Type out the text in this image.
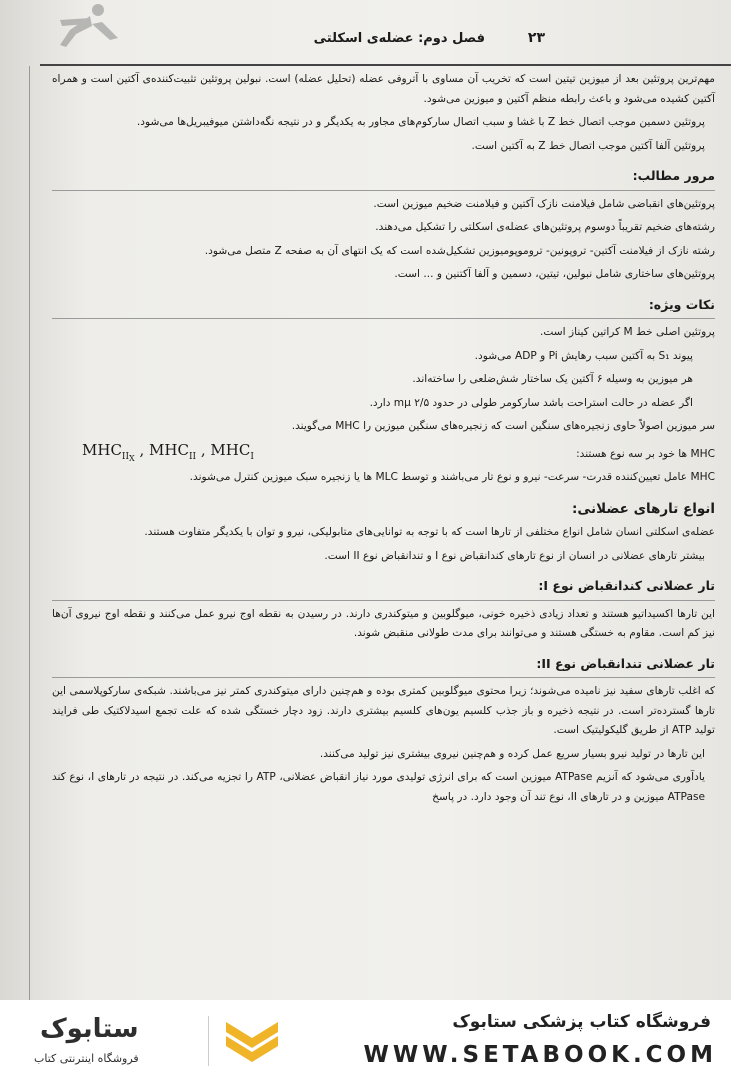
فصل دوم: عضله‌ی اسکلتی	۲۳

مهم‌ترین پروتئین بعد از میوزین تیتین است که تخریب آن مساوی با آتروفی عضله (تحلیل عضله) است. نبولین پروتئین تثبیت‌کننده‌ی آکتین است و همراه آکتین کشیده می‌شود و باعث رابطه منظم آکتین و میوزین می‌شود.

پروتئین دسمین موجب اتصال خط Z با غشا و سبب اتصال سارکوم‌های مجاور به یکدیگر و در نتیجه نگه‌داشتن میوفیبریل‌ها می‌شود.

پروتئین آلفا آکتین موجب اتصال خط Z به آکتین است.

مرور مطالب:

پروتئین‌های انقباضی شامل فیلامنت نازک آکتین و فیلامنت ضخیم میوزین است.

رشته‌های ضخیم تقریباً دوسوم پروتئین‌های عضله‌ی اسکلتی را تشکیل می‌دهند.

رشته نازک از فیلامنت آکتین- تروپونین- تروموپومیوزین تشکیل‌شده است که یک انتهای آن به صفحه Z متصل می‌شود.

پروتئین‌های ساختاری شامل نبولین، تیتین، دسمین و آلفا آکتنین و ... است.

نکات ویژه:

پروتئین اصلی خط M کراتین کیناز است.

پیوند S₁ به آکتین سبب رهایش Pi و ADP می‌شود.

هر میوزین به وسیله ۶ آکتین یک ساختار شش‌ضلعی را ساخته‌اند.

اگر عضله در حالت استراحت باشد سارکومر طولی در حدود ۲/۵ mμ دارد.

سر میوزین اصولاً حاوی زنجیره‌های سنگین است که زنجیره‌های سنگین میوزین را MHC می‌گویند.

MHC ها خود بر سه نوع هستند:
$MHC_{IIX}$ , $MHC_{II}$ , $MHC_I$

MHC عامل تعیین‌کننده قدرت- سرعت- نیرو و نوع تار می‌باشند و توسط MLC ها یا زنجیره سبک میوزین کنترل می‌شوند.

انواع تارهای عضلانی:

عضله‌ی اسکلتی انسان شامل انواع مختلفی از تارها است که با توجه به توانایی‌های متابولیکی، نیرو و توان با یکدیگر متفاوت هستند.

بیشتر تارهای عضلانی در انسان از نوع تارهای کندانقباض نوع I و تندانقباض نوع II است.

تار عضلانی کندانقباض نوع I:

این تارها اکسیداتیو هستند و تعداد زیادی ذخیره خونی، میوگلوبین و میتوکندری دارند. در رسیدن به نقطه اوج نیرو عمل می‌کنند و نقطه اوج نیروی آن‌ها نیز کم است. مقاوم به خستگی هستند و می‌توانند برای مدت طولانی منقبض شوند.

تار عضلانی تندانقباض نوع II:

که اغلب تارهای سفید نیز نامیده می‌شوند؛ زیرا محتوی میوگلوبین کمتری بوده و هم‌چنین دارای میتوکندری کمتر نیز می‌باشند. شبکه‌ی سارکوپلاسمی این تارها گسترده‌تر است. در نتیجه ذخیره و باز جذب کلسیم یون‌های کلسیم بیشتری دارند. زود دچار خستگی شده که علت تجمع اسیدلاکتیک طی فرایند تولید ATP از طریق گلیکولیتیک است.

این تارها در تولید نیرو بسیار سریع عمل کرده و هم‌چنین نیروی بیشتری نیز تولید می‌کنند.

یادآوری می‌شود که آنزیم ATPase میوزین است که برای انرژی تولیدی مورد نیاز انقباض عضلانی، ATP را تجزیه می‌کند. در نتیجه در تارهای I، نوع کند ATPase میوزین و در تارهای II، نوع تند آن وجود دارد. در پاسخ

فروشگاه کتاب پزشکی ستابوک
WWW.SETABOOK.COM
ستابوک
فروشگاه اینترنتی کتاب
